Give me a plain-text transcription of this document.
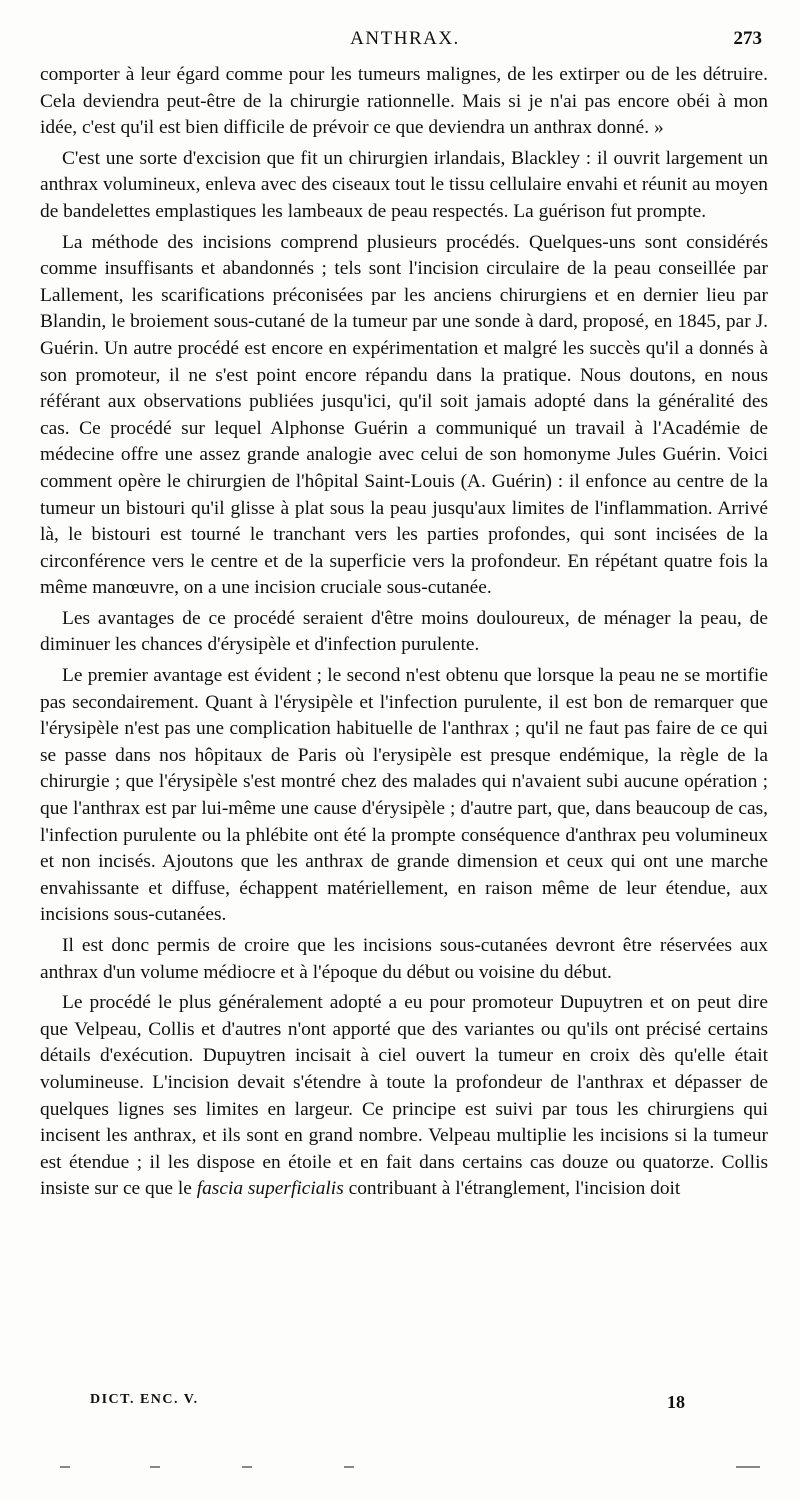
ANTHRAX.	273

comporter à leur égard comme pour les tumeurs malignes, de les extirper ou de les détruire. Cela deviendra peut-être de la chirurgie rationnelle. Mais si je n'ai pas encore obéi à mon idée, c'est qu'il est bien difficile de prévoir ce que deviendra un anthrax donné. »

C'est une sorte d'excision que fit un chirurgien irlandais, Blackley : il ouvrit largement un anthrax volumineux, enleva avec des ciseaux tout le tissu cellulaire envahi et réunit au moyen de bandelettes emplastiques les lambeaux de peau respectés. La guérison fut prompte.

La méthode des incisions comprend plusieurs procédés. Quelques-uns sont considérés comme insuffisants et abandonnés ; tels sont l'incision circulaire de la peau conseillée par Lallement, les scarifications préconisées par les anciens chirurgiens et en dernier lieu par Blandin, le broiement sous-cutané de la tumeur par une sonde à dard, proposé, en 1845, par J. Guérin. Un autre procédé est encore en expérimentation et malgré les succès qu'il a donnés à son promoteur, il ne s'est point encore répandu dans la pratique. Nous doutons, en nous référant aux observations publiées jusqu'ici, qu'il soit jamais adopté dans la généralité des cas. Ce procédé sur lequel Alphonse Guérin a communiqué un travail à l'Académie de médecine offre une assez grande analogie avec celui de son homonyme Jules Guérin. Voici comment opère le chirurgien de l'hôpital Saint-Louis (A. Guérin) : il enfonce au centre de la tumeur un bistouri qu'il glisse à plat sous la peau jusqu'aux limites de l'inflammation. Arrivé là, le bistouri est tourné le tranchant vers les parties profondes, qui sont incisées de la circonférence vers le centre et de la superficie vers la profondeur. En répétant quatre fois la même manœuvre, on a une incision cruciale sous-cutanée.

Les avantages de ce procédé seraient d'être moins douloureux, de ménager la peau, de diminuer les chances d'érysipèle et d'infection purulente.

Le premier avantage est évident ; le second n'est obtenu que lorsque la peau ne se mortifie pas secondairement. Quant à l'érysipèle et l'infection purulente, il est bon de remarquer que l'érysipèle n'est pas une complication habituelle de l'anthrax ; qu'il ne faut pas faire de ce qui se passe dans nos hôpitaux de Paris où l'erysipèle est presque endémique, la règle de la chirurgie ; que l'érysipèle s'est montré chez des malades qui n'avaient subi aucune opération ; que l'anthrax est par lui-même une cause d'érysipèle ; d'autre part, que, dans beaucoup de cas, l'infection purulente ou la phlébite ont été la prompte conséquence d'anthrax peu volumineux et non incisés. Ajoutons que les anthrax de grande dimension et ceux qui ont une marche envahissante et diffuse, échappent matériellement, en raison même de leur étendue, aux incisions sous-cutanées.

Il est donc permis de croire que les incisions sous-cutanées devront être réservées aux anthrax d'un volume médiocre et à l'époque du début ou voisine du début.

Le procédé le plus généralement adopté a eu pour promoteur Dupuytren et on peut dire que Velpeau, Collis et d'autres n'ont apporté que des variantes ou qu'ils ont précisé certains détails d'exécution. Dupuytren incisait à ciel ouvert la tumeur en croix dès qu'elle était volumineuse. L'incision devait s'étendre à toute la profondeur de l'anthrax et dépasser de quelques lignes ses limites en largeur. Ce principe est suivi par tous les chirurgiens qui incisent les anthrax, et ils sont en grand nombre. Velpeau multiplie les incisions si la tumeur est étendue ; il les dispose en étoile et en fait dans certains cas douze ou quatorze. Collis insiste sur ce que le fascia superficialis contribuant à l'étranglement, l'incision doit

DICT. ENC. V.	18
